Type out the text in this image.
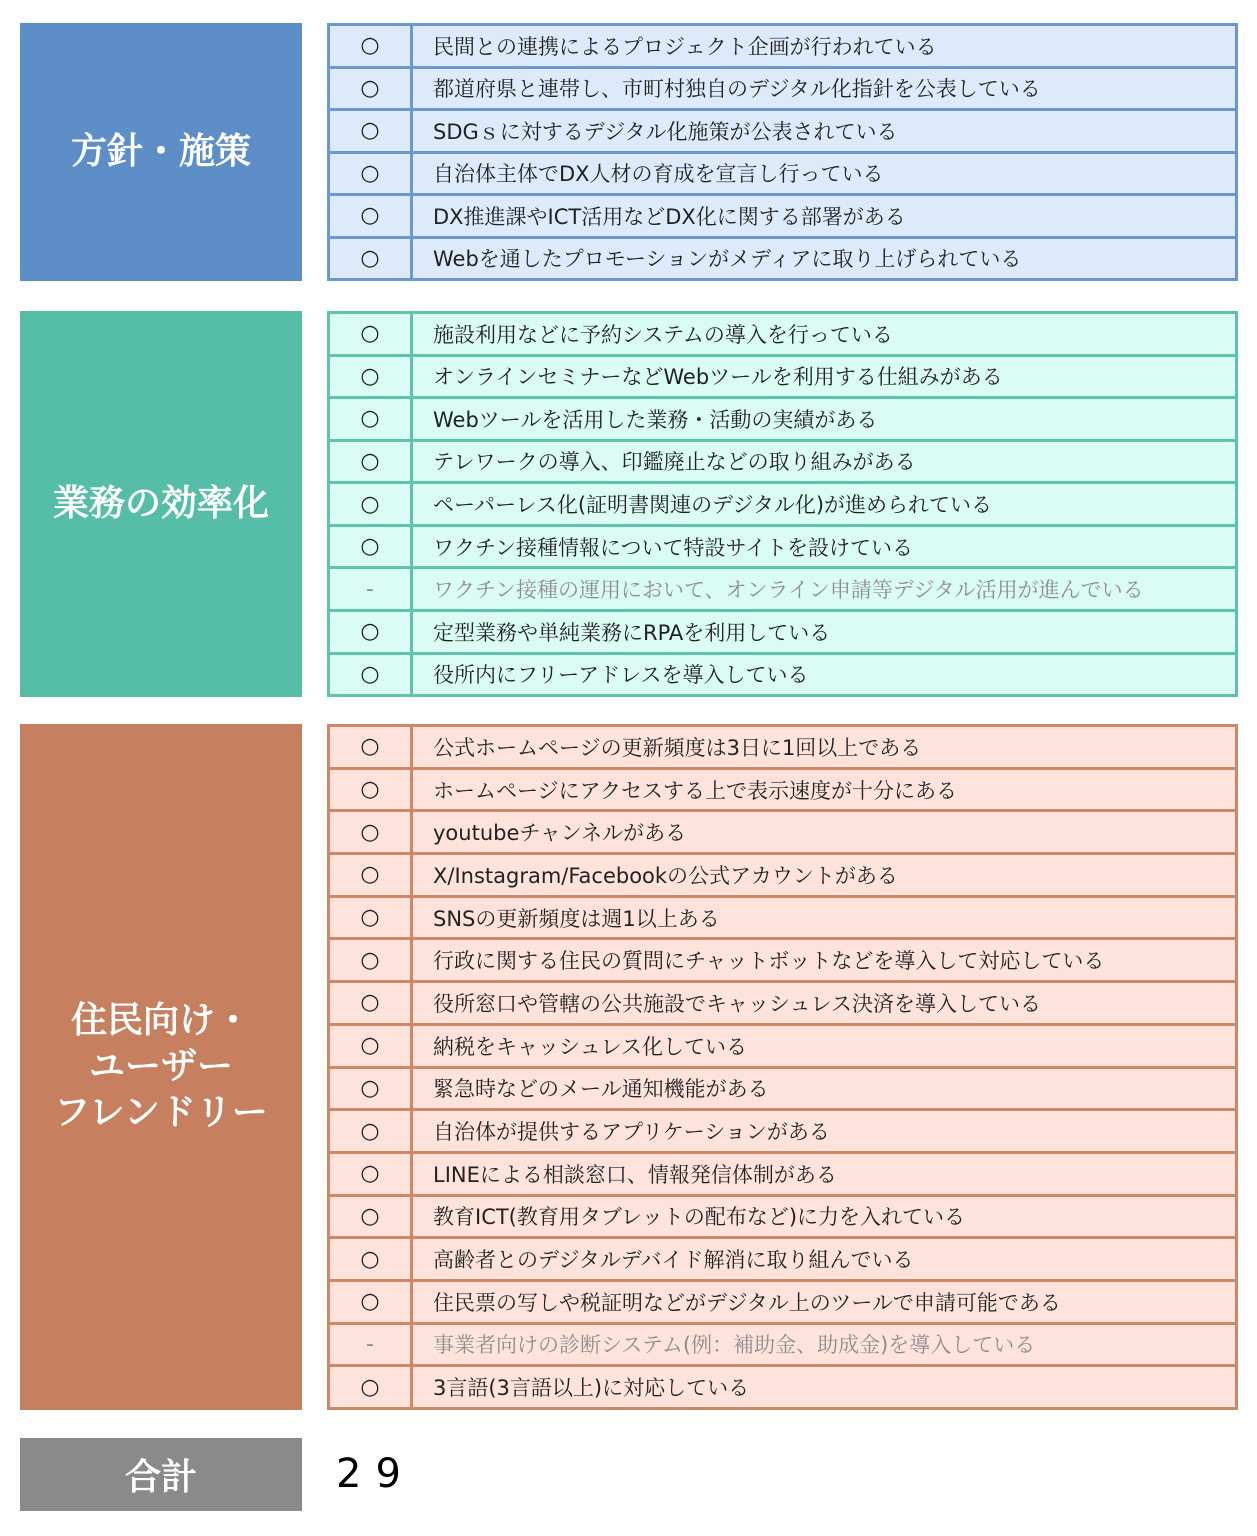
方針・施策
○	民間との連携によるプロジェクト企画が行われている
○	都道府県と連帯し、市町村独自のデジタル化指針を公表している
○	SDGｓに対するデジタル化施策が公表されている
○	自治体主体でDX人材の育成を宣言し行っている
○	DX推進課やICT活用などDX化に関する部署がある
○	Webを通したプロモーションがメディアに取り上げられている
業務の効率化
○	施設利用などに予約システムの導入を行っている
○	オンラインセミナーなどWebツールを利用する仕組みがある
○	Webツールを活用した業務・活動の実績がある
○	テレワークの導入、印鑑廃止などの取り組みがある
○	ペーパーレス化(証明書関連のデジタル化)が進められている
○	ワクチン接種情報について特設サイトを設けている
-	ワクチン接種の運用において、オンライン申請等デジタル活用が進んでいる
○	定型業務や単純業務にRPAを利用している
○	役所内にフリーアドレスを導入している
住民向け・
ユーザー
フレンドリー
○	公式ホームページの更新頻度は3日に1回以上である
○	ホームページにアクセスする上で表示速度が十分にある
○	youtubeチャンネルがある
○	X/Instagram/Facebookの公式アカウントがある
○	SNSの更新頻度は週1以上ある
○	行政に関する住民の質問にチャットボットなどを導入して対応している
○	役所窓口や管轄の公共施設でキャッシュレス決済を導入している
○	納税をキャッシュレス化している
○	緊急時などのメール通知機能がある
○	自治体が提供するアプリケーションがある
○	LINEによる相談窓口、情報発信体制がある
○	教育ICT(教育用タブレットの配布など)に力を入れている
○	高齢者とのデジタルデバイド解消に取り組んでいる
○	住民票の写しや税証明などがデジタル上のツールで申請可能である
-	事業者向けの診断システム(例：補助金、助成金)を導入している
○	3言語(3言語以上)に対応している
合計	29
